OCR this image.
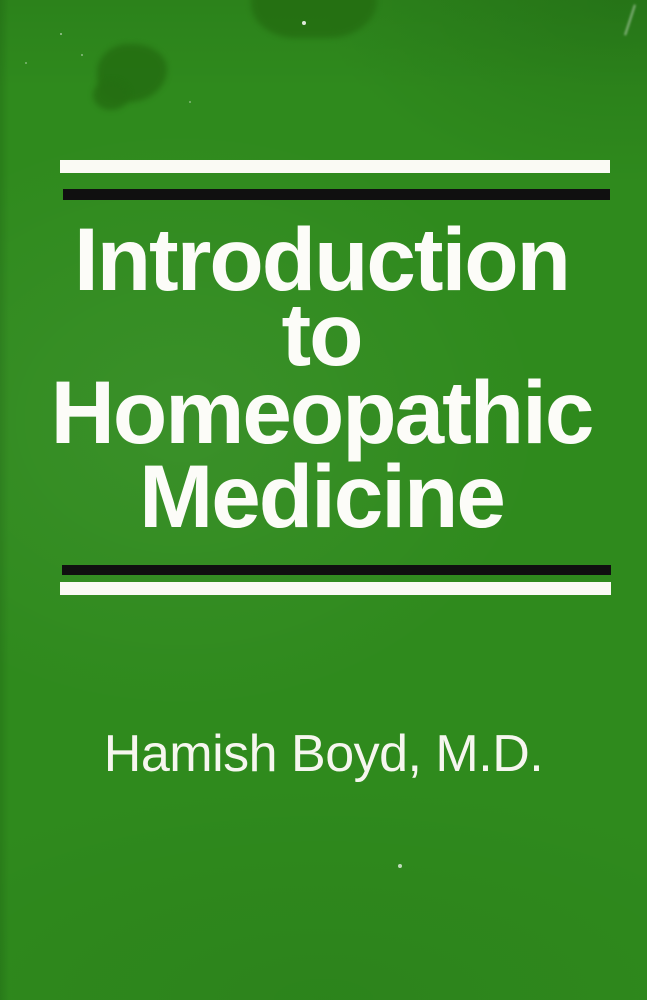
Introduction
to
Homeopathic
Medicine
Hamish Boyd, M.D.
